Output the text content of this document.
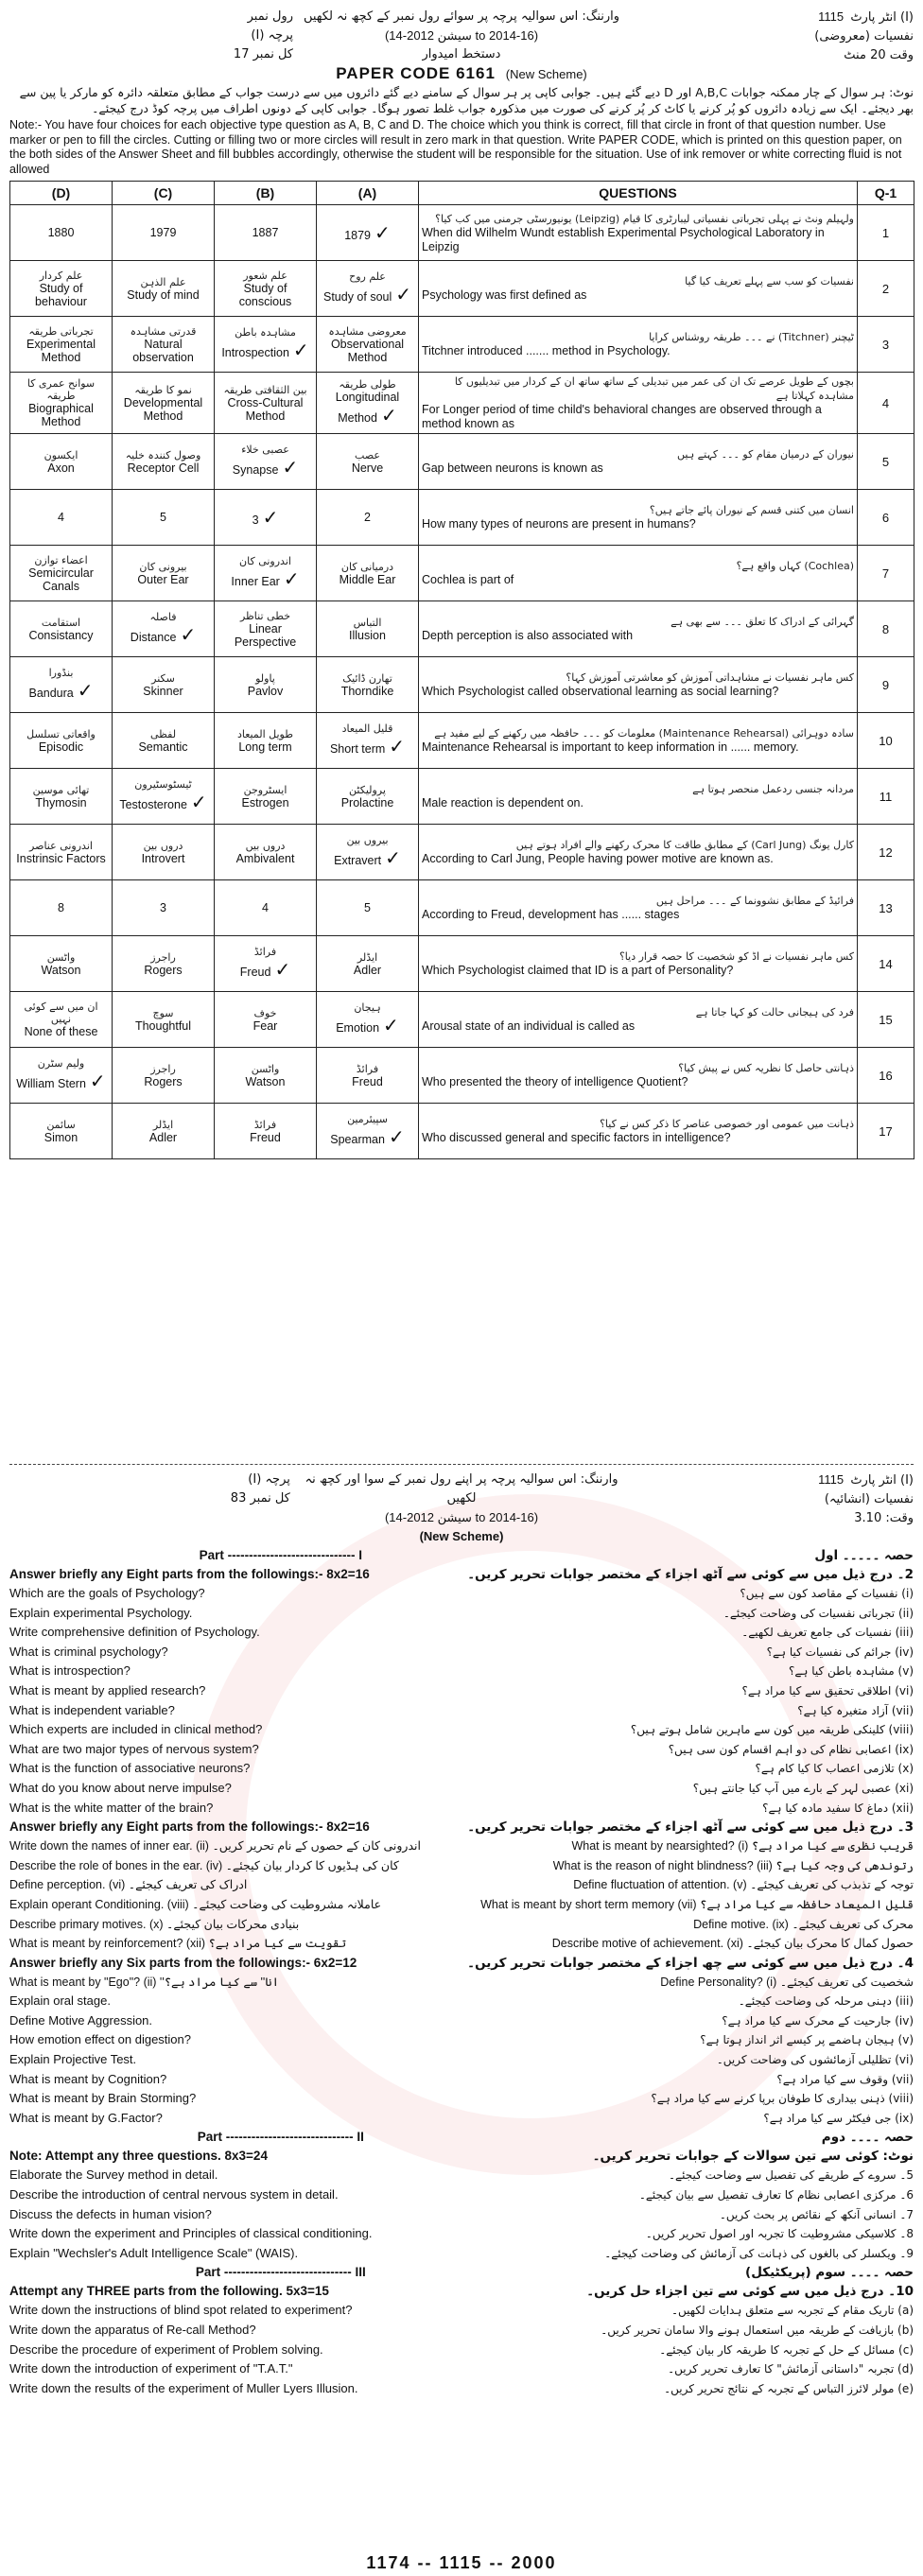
رول نمبر
پرچہ (I)
کل نمبر 17
وارننگ: اس سوالیہ پرچہ پر سوائے رول نمبر کے کچھ نہ لکھیں
(سیشن 2012-14 to 2014-16)
دستخط امیدوار
PAPER CODE 6161 (New Scheme)
1115 انٹر پارٹ (I)
نفسیات (معروضی)
وقت 20 منٹ
نوٹ: ہر سوال کے چار ممکنہ جوابات A,B,C اور D دیے گئے ہیں۔ جوابی کاپی پر ہر سوال کے سامنے دیے گئے دائروں میں سے درست جواب کے مطابق متعلقہ دائرہ کو مارکر یا پین سے بھر دیجئے۔ ایک سے زیادہ دائروں کو پُر کرنے یا کاٹ کر پُر کرنے کی صورت میں مذکورہ جواب غلط تصور ہوگا۔ جوابی کاپی کے دونوں اطراف میں پرچہ کوڈ درج کیجئے۔
Note:- You have four choices for each objective type question as A, B, C and D. The choice which you think is correct, fill that circle in front of that question number. Use marker or pen to fill the circles. Cutting or filling two or more circles will result in zero mark in that question. Write PAPER CODE, which is printed on this question paper, on the both sides of the Answer Sheet and fill bubbles accordingly, otherwise the student will be responsible for the situation. Use of ink remover or white correcting fluid is not allowed
(D)	(C)	(B)	(A)	QUESTIONS	Q-1

1880	1979	1887	1879 ✓	ولہیلم ونٹ نے پہلی تجرباتی نفسیاتی لیبارٹری کا قیام (Leipzig) یونیورسٹی جرمنی میں کب کیا؟
When did Wilhelm Wundt establish Experimental Psychological Laboratory in Leipzig	1

علم کردار
Study of behaviour	علم الذہن
Study of mind	علم شعور
Study of conscious	علم روح
Study of soul ✓	نفسیات کو سب سے پہلے تعریف کیا گیا
Psychology was first defined as	2

تجرباتی طریقہ
Experimental Method	قدرتی مشاہدہ
Natural observation	مشاہدہ باطن
Introspection ✓	معروضی مشاہدہ
Observational Method	ٹیچنر (Titchner) نے ۔۔۔ طریقہ روشناس کرایا
Titchner introduced ....... method in Psychology.	3

سوانح عمری کا طریقہ
Biographical Method	نمو کا طریقہ
Developmental Method	بین الثقافتی طریقہ
Cross-Cultural Method	طولی طریقہ
Longitudinal Method ✓	بچوں کے طویل عرصے تک ان کی عمر میں تبدیلی کے ساتھ ساتھ ان کے کردار میں تبدیلیوں کا مشاہدہ کہلاتا ہے
For Longer period of time child's behavioral changes are observed through a method known as	4

ایکسون
Axon	وصول کنندہ خلیہ
Receptor Cell	عصبی خلاء
Synapse ✓	عصب
Nerve	نیوران کے درمیان مقام کو ۔۔۔ کہتے ہیں
Gap between neurons is known as	5

4	5	3 ✓	2	انسان میں کتنی قسم کے نیوران پائے جاتے ہیں؟
How many types of neurons are present in humans?	6

اعضاء توازن
Semicircular Canals	بیرونی کان
Outer Ear	اندرونی کان
Inner Ear ✓	درمیانی کان
Middle Ear	(Cochlea) کہاں واقع ہے؟
Cochlea is part of	7

استقامت
Consistancy	فاصلہ
Distance ✓	خطی تناظر
Linear Perspective	التباس
Illusion	گہرائی کے ادراک کا تعلق ۔۔۔ سے بھی ہے
Depth perception is also associated with	8

بنڈورا
Bandura ✓	سکنر
Skinner	پاولو
Pavlov	تھارن ڈائیک
Thorndike	کس ماہر نفسیات نے مشاہداتی آموزش کو معاشرتی آموزش کہا؟
Which Psychologist called observational learning as social learning?	9

واقعاتی تسلسل
Episodic	لفظی
Semantic	طویل المیعاد
Long term	قلیل المیعاد
Short term ✓	سادہ دوہرائی (Maintenance Rehearsal) معلومات کو ۔۔۔ حافظہ میں رکھنے کے لیے مفید ہے
Maintenance Rehearsal is important to keep information in ...... memory.	10

تھائی موسین
Thymosin	ٹیسٹوسٹیرون
Testosterone ✓	ایسٹروجن
Estrogen	پرولیکٹن
Prolactine	مردانہ جنسی ردعمل منحصر ہوتا ہے
Male reaction is dependent on.	11

اندرونی عناصر
Instrinsic Factors	دروں بین
Introvert	دروں بیں
Ambivalent	بیروں بین
Extravert ✓	کارل یونگ (Carl Jung) کے مطابق طاقت کا محرک رکھنے والے افراد ہوتے ہیں
According to Carl Jung, People having power motive are known as.	12

8	3	4	5	فرائیڈ کے مطابق نشوونما کے ۔۔۔ مراحل ہیں
According to Freud, development has ...... stages	13

واٹسن
Watson	راجرز
Rogers	فرائڈ
Freud ✓	ایڈلر
Adler	کس ماہر نفسیات نے اڈ کو شخصیت کا حصہ قرار دیا؟
Which Psychologist claimed that ID is a part of Personality?	14

ان میں سے کوئی نہیں
None of these	سوچ
Thoughtful	خوف
Fear	ہیجان
Emotion ✓	فرد کی ہیجانی حالت کو کہا جاتا ہے
Arousal state of an individual is called as	15

ولیم سٹرن
William Stern ✓	راجرز
Rogers	واٹسن
Watson	فرائڈ
Freud	ذہانتی حاصل کا نظریہ کس نے پیش کیا؟
Who presented the theory of intelligence Quotient?	16

سائمن
Simon	ایڈلر
Adler	فرائڈ
Freud	سپیئرمین
Spearman ✓	ذہانت میں عمومی اور خصوصی عناصر کا ذکر کس نے کیا؟
Who discussed general and specific factors in intelligence?	17
پرچہ (I)
کل نمبر 83
وارننگ: اس سوالیہ پرچہ پر اپنے رول نمبر کے سوا اور کچھ نہ لکھیں
(سیشن 2012-14 to 2014-16)
(New Scheme)
1115 انٹر پارٹ (I)
نفسیات (انشائیہ)
وقت: 3.10
Part ------------------------------ I	حصہ ۔۔۔۔۔ اول
Answer briefly any Eight parts from the followings:- 8x2=16	2۔ درج ذیل میں سے کوئی سے آٹھ اجزاء کے مختصر جوابات تحریر کریں۔
Which are the goals of Psychology?	(i) نفسیات کے مقاصد کون سے ہیں؟
Explain experimental Psychology.	(ii) تجرباتی نفسیات کی وضاحت کیجئے۔
Write comprehensive definition of Psychology.	(iii) نفسیات کی جامع تعریف لکھیے۔
What is criminal psychology?	(iv) جرائم کی نفسیات کیا ہے؟
What is introspection?	(v) مشاہدہ باطن کیا ہے؟
What is meant by applied research?	(vi) اطلاقی تحقیق سے کیا مراد ہے؟
What is independent variable?	(vii) آزاد متغیرہ کیا ہے؟
Which experts are included in clinical method?	(viii) کلینکی طریقہ میں کون سے ماہرین شامل ہوتے ہیں؟
What are two major types of nervous system?	(ix) اعصابی نظام کی دو اہم اقسام کون سی ہیں؟
What is the function of associative neurons?	(x) تلازمی اعصاب کا کیا کام ہے؟
What do you know about nerve impulse?	(xi) عصبی لہر کے بارے میں آپ کیا جانتے ہیں؟
What is the white matter of the brain?	(xii) دماغ کا سفید مادہ کیا ہے؟
Answer briefly any Eight parts from the followings:- 8x2=16	3۔ درج ذیل میں سے کوئی سے آٹھ اجزاء کے مختصر جوابات تحریر کریں۔
Write down the names of inner ear. (ii) اندرونی کان کے حصوں کے نام تحریر کریں۔	What is meant by nearsighted? (i) قریب نظری سے کیا مراد ہے؟
Describe the role of bones in the ear. (iv) کان کی ہڈیوں کا کردار بیان کیجئے۔	What is the reason of night blindness? (iii) رتوندھی کی وجہ کیا ہے؟
Define perception. (vi) ادراک کی تعریف کیجئے۔	Define fluctuation of attention. (v) توجہ کے تذبذب کی تعریف کیجئے۔
Explain operant Conditioning. (viii) عاملانہ مشروطیت کی وضاحت کیجئے۔	What is meant by short term memory (vii) قلیل المیعاد حافظہ سے کیا مراد ہے؟
Describe primary motives. (x) بنیادی محرکات بیان کیجئے۔	Define motive. (ix) محرک کی تعریف کیجئے۔
What is meant by reinforcement? (xii) تقویت سے کیا مراد ہے؟	Describe motive of achievement. (xi) حصول کمال کا محرک بیان کیجئے۔
Answer briefly any Six parts from the followings:- 6x2=12	4۔ درج ذیل میں سے کوئی سے چھ اجزاء کے مختصر جوابات تحریر کریں۔
What is meant by "Ego"? (ii) ''انا'' سے کیا مراد ہے؟	Define Personality? (i) شخصیت کی تعریف کیجئے۔
Explain oral stage.	(iii) دہنی مرحلہ کی وضاحت کیجئے۔
Define Motive Aggression.	(iv) جارحیت کے محرک سے کیا مراد ہے؟
How emotion effect on digestion?	(v) ہیجان ہاضمے پر کیسے اثر انداز ہوتا ہے؟
Explain Projective Test.	(vi) تظلیلی آزمائشوں کی وضاحت کریں۔
What is meant by Cognition?	(vii) وقوف سے کیا مراد ہے؟
What is meant by Brain Storming?	(viii) ذہنی بیداری کا طوفان برپا کرنے سے کیا مراد ہے؟
What is meant by G.Factor?	(ix) جی فیکٹر سے کیا مراد ہے؟
Part ------------------------------ II	حصہ ۔۔۔۔ دوم
Note: Attempt any three questions. 8x3=24	نوٹ: کوئی سے تین سوالات کے جوابات تحریر کریں۔
Elaborate the Survey method in detail.	5۔ سروے کے طریقے کی تفصیل سے وضاحت کیجئے۔
Describe the introduction of central nervous system in detail.	6۔ مرکزی اعصابی نظام کا تعارف تفصیل سے بیان کیجئے۔
Discuss the defects in human vision?	7۔ انسانی آنکھ کے نقائص پر بحث کریں۔
Write down the experiment and Principles of classical conditioning.	8۔ کلاسیکی مشروطیت کا تجربہ اور اصول تحریر کریں۔
Explain "Wechsler's Adult Intelligence Scale" (WAIS).	9۔ ویکسلر کی بالغوں کی ذہانت کی آزمائش کی وضاحت کیجئے۔
Part ------------------------------ III	حصہ ۔۔۔۔ سوم (پریکٹیکل)
Attempt any THREE parts from the following. 5x3=15	10۔ درج ذیل میں سے کوئی سے تین اجزاء حل کریں۔
Write down the instructions of blind spot related to experiment?	(a) تاریک مقام کے تجربہ سے متعلق ہدایات لکھیں۔
Write down the apparatus of Re-call Method?	(b) بازیافت کے طریقہ میں استعمال ہونے والا سامان تحریر کریں۔
Describe the procedure of experiment of Problem solving.	(c) مسائل کے حل کے تجربہ کا طریقہ کار بیان کیجئے۔
Write down the introduction of experiment of "T.A.T."	(d) تجربہ "داستانی آزمائش" کا تعارف تحریر کریں۔
Write down the results of the experiment of Muller Lyers Illusion.	(e) مولر لائرز التباس کے تجربہ کے نتائج تحریر کریں۔
1174 -- 1115 -- 2000
